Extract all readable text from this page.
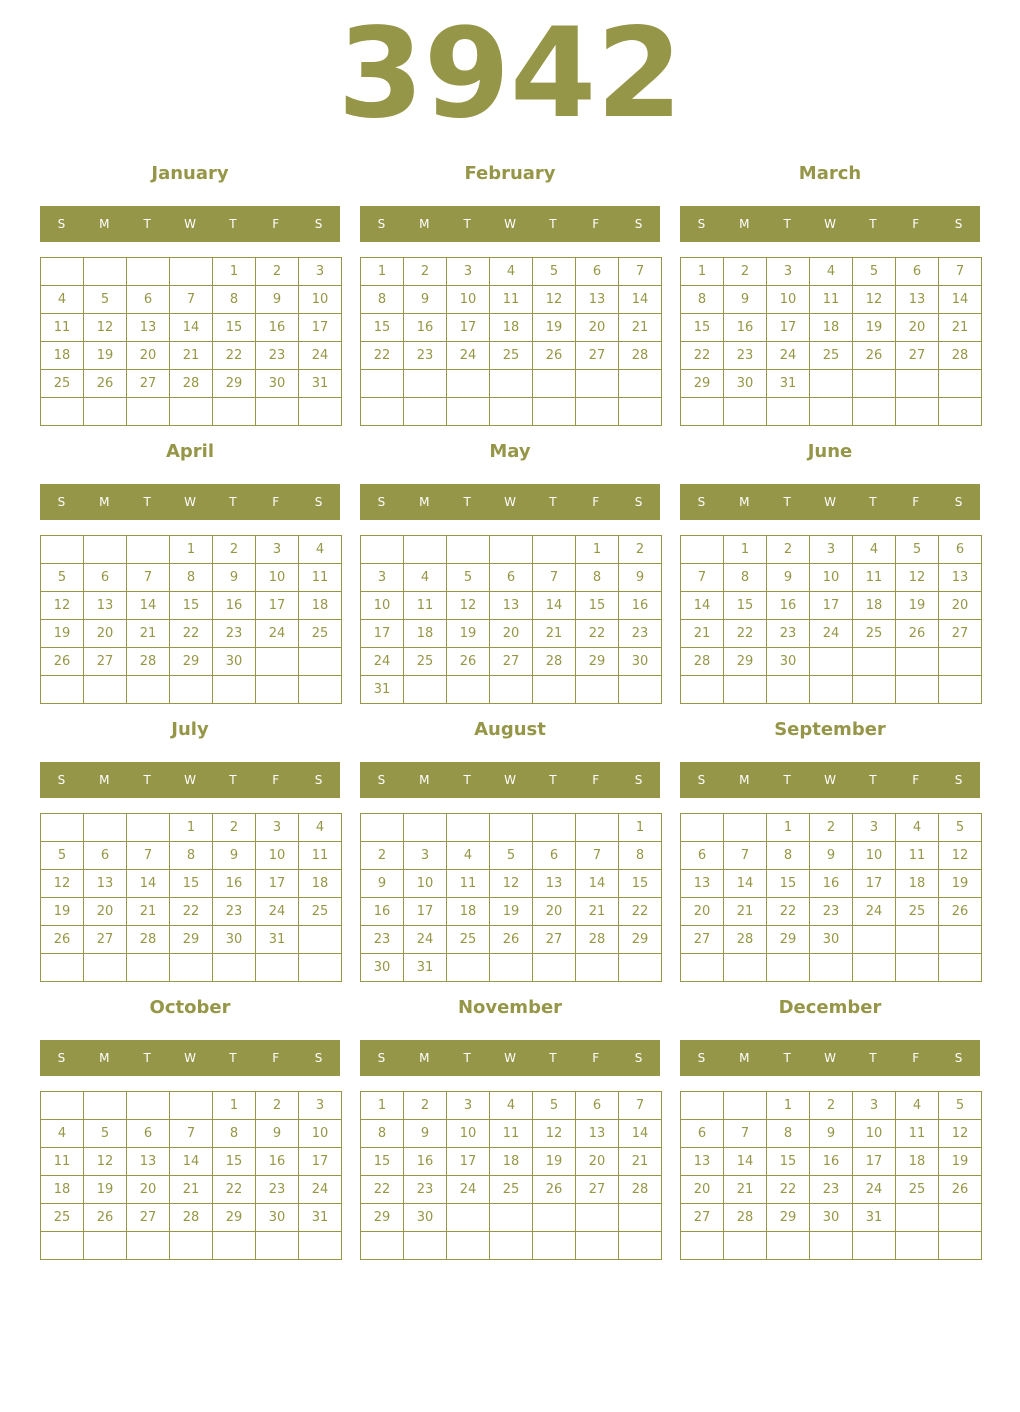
3942
January
S	M	T	W	T	F	S
				1	2	3
4	5	6	7	8	9	10
11	12	13	14	15	16	17
18	19	20	21	22	23	24
25	26	27	28	29	30	31

February
S	M	T	W	T	F	S
1	2	3	4	5	6	7
8	9	10	11	12	13	14
15	16	17	18	19	20	21
22	23	24	25	26	27	28

March
S	M	T	W	T	F	S
1	2	3	4	5	6	7
8	9	10	11	12	13	14
15	16	17	18	19	20	21
22	23	24	25	26	27	28
29	30	31				

April
S	M	T	W	T	F	S
			1	2	3	4
5	6	7	8	9	10	11
12	13	14	15	16	17	18
19	20	21	22	23	24	25
26	27	28	29	30		

May
S	M	T	W	T	F	S
					1	2
3	4	5	6	7	8	9
10	11	12	13	14	15	16
17	18	19	20	21	22	23
24	25	26	27	28	29	30
31						
June
S	M	T	W	T	F	S
	1	2	3	4	5	6
7	8	9	10	11	12	13
14	15	16	17	18	19	20
21	22	23	24	25	26	27
28	29	30				

July
S	M	T	W	T	F	S
			1	2	3	4
5	6	7	8	9	10	11
12	13	14	15	16	17	18
19	20	21	22	23	24	25
26	27	28	29	30	31	

August
S	M	T	W	T	F	S
						1
2	3	4	5	6	7	8
9	10	11	12	13	14	15
16	17	18	19	20	21	22
23	24	25	26	27	28	29
30	31					
September
S	M	T	W	T	F	S
		1	2	3	4	5
6	7	8	9	10	11	12
13	14	15	16	17	18	19
20	21	22	23	24	25	26
27	28	29	30			

October
S	M	T	W	T	F	S
				1	2	3
4	5	6	7	8	9	10
11	12	13	14	15	16	17
18	19	20	21	22	23	24
25	26	27	28	29	30	31

November
S	M	T	W	T	F	S
1	2	3	4	5	6	7
8	9	10	11	12	13	14
15	16	17	18	19	20	21
22	23	24	25	26	27	28
29	30					

December
S	M	T	W	T	F	S
		1	2	3	4	5
6	7	8	9	10	11	12
13	14	15	16	17	18	19
20	21	22	23	24	25	26
27	28	29	30	31		
